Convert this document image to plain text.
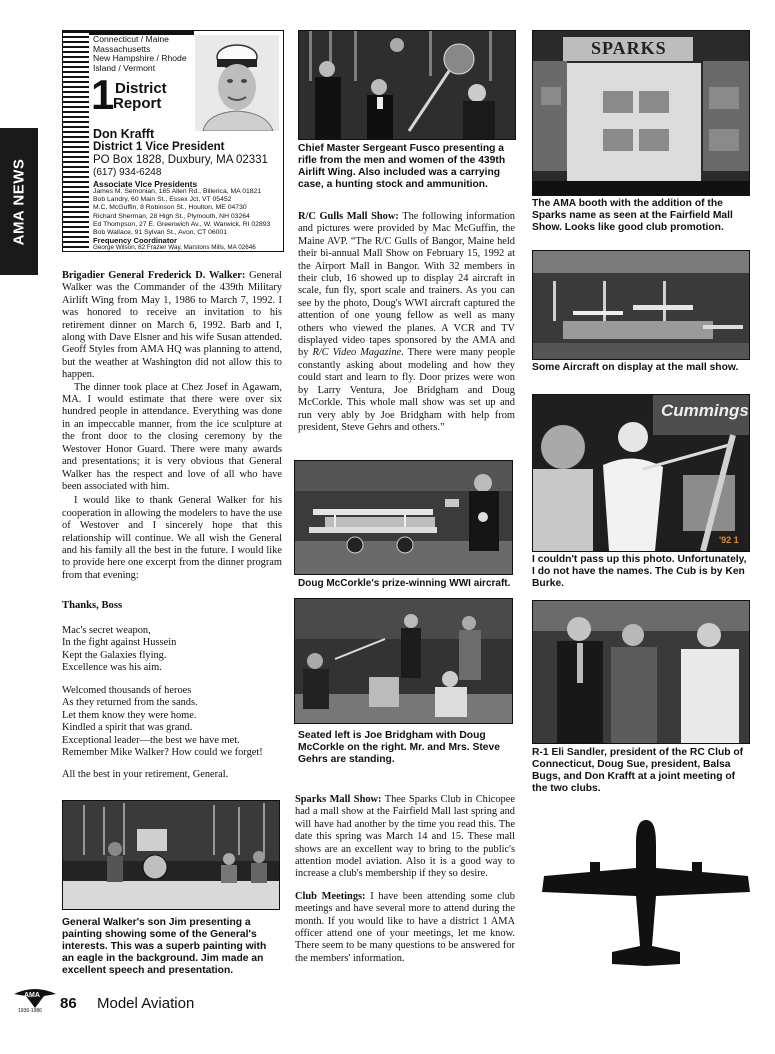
AMA NEWS
Connecticut / Maine
Massachusetts
New Hampshire / Rhode
Island / Vermont
1 District
Report
Don Krafft
District 1 Vice President
PO Box 1828, Duxbury, MA 02331
(617) 934-6248
Associate Vice Presidents
James M. Semonian, 165 Allen Rd., Billerica, MA 01821
Bob Landry, 60 Main St., Essex Jct, VT 05452
M.C. McGuffin, 8 Robinson St., Houlton, ME 04730
Richard Sherman, 28 High St., Plymouth, NH 03264
Ed Thompson, 27 E. Greenwich Av., W. Warwick, RI 02893
Bob Wallace, 91 Sylvan St., Avon, CT 06001
Frequency Coordinator
George Wilson, 82 Frazier Way, Marstons Mills, MA 02646

Brigadier General Frederick D. Walker: General Walker was the Commander of the 439th Military Airlift Wing from May 1, 1986 to March 7, 1992. I was honored to receive an invitation to his retirement dinner on March 6, 1992. Barb and I, along with Dave Elsner and his wife Susan attended. Geoff Styles from AMA HQ was planning to attend, but the weather at Washington did not allow this to happen.

The dinner took place at Chez Josef in Agawam, MA. I would estimate that there were over six hundred people in attendance. Everything was done in an impeccable manner, from the ice sculpture at the front door to the closing ceremony by the Westover Honor Guard. There were many awards and presentations; it is very obvious that General Walker has the respect and love of all who have been associated with him.

I would like to thank General Walker for his cooperation in allowing the modelers to have the use of Westover and I sincerely hope that this relationship will continue. We all wish the General and his family all the best in the future. I would like to provide here one excerpt from the dinner program from that evening:

Thanks, Boss
Mac's secret weapon,
In the fight against Hussein
Kept the Galaxies flying.
Excellence was his aim.
Welcomed thousands of heroes
As they returned from the sands.
Let them know they were home.
Kindled a spirit that was grand.
Exceptional leader—the best we have met.
Remember Mike Walker? How could we forget!
All the best in your retirement, General.
General Walker's son Jim presenting a painting showing some of the General's interests. This was a superb painting with an eagle in the background. Jim made an excellent speech and presentation.
Chief Master Sergeant Fusco presenting a rifle from the men and women of the 439th Airlift Wing. Also included was a carrying case, a hunting stock and ammunition.

R/C Gulls Mall Show: The following information and pictures were provided by Mac McGuffin, the Maine AVP. “The R/C Gulls of Bangor, Maine held their bi-annual Mall Show on February 15, 1992 at the Airport Mall in Bangor. With 32 members in their club, 16 showed up to display 24 aircraft in scale, fun fly, sport scale and trainers. As you can see by the photo, Doug's WWI aircraft captured the attention of one young fellow as well as many others who viewed the planes. A VCR and TV displayed video tapes sponsored by the AMA and by R/C Video Magazine. There were many people constantly asking about modeling and how they could start and learn to fly. Door prizes were won by Larry Ventura, Joe Bridgham and Doug McCorkle. This whole mall show was set up and run very ably by Joe Bridgham with help from president, Steve Gehrs and others.”

Doug McCorkle's prize-winning WWI aircraft.
Seated left is Joe Bridgham with Doug McCorkle on the right. Mr. and Mrs. Steve Gehrs are standing.

Sparks Mall Show: Thee Sparks Club in Chicopee had a mall show at the Fairfield Mall last spring and will have had another by the time you read this. The date this spring was March 14 and 15. These mall shows are an excellent way to bring to the public's attention model aviation. Also it is a good way to increase a club's membership if they so desire.

Club Meetings: I have been attending some club meetings and have several more to attend during the month. If you would like to have a district 1 AMA officer attend one of your meetings, let me know. There seem to be many questions to be answered for the members' information.

SPARKS
The AMA booth with the addition of the Sparks name as seen at the Fairfield Mall Show. Looks like good club promotion.
Some Aircraft on display at the mall show.
Cummings
'92 1
I couldn't pass up this photo. Unfortunately, I do not have the names. The Cub is by Ken Burke.
R-1 Eli Sandler, president of the RC Club of Connecticut, Doug Sue, president, Balsa Bugs, and Don Krafft at a joint meeting of the two clubs.
AMA
1936-1986 86 Model Aviation
